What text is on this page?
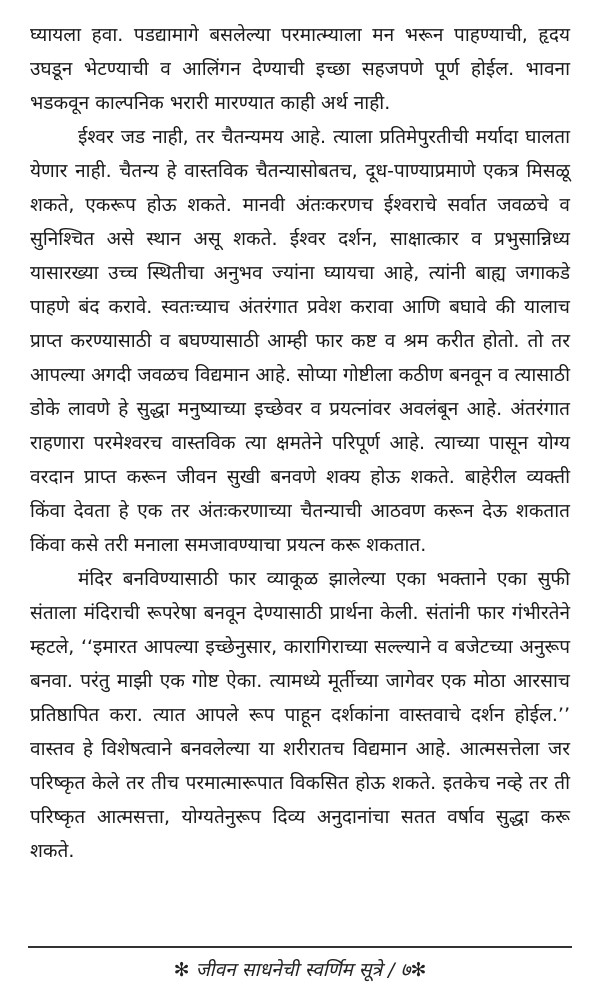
घ्यायला हवा. पडद्यामागे बसलेल्या परमात्म्याला मन भरून पाहण्याची, हृदय उघडून भेटण्याची व आलिंगन देण्याची इच्छा सहजपणे पूर्ण होईल. भावना भडकवून काल्पनिक भरारी मारण्यात काही अर्थ नाही.

ईश्वर जड नाही, तर चैतन्यमय आहे. त्याला प्रतिमेपुरतीची मर्यादा घालता येणार नाही. चैतन्य हे वास्तविक चैतन्यासोबतच, दूध-पाण्याप्रमाणे एकत्र मिसळू शकते, एकरूप होऊ शकते. मानवी अंतःकरणच ईश्वराचे सर्वात जवळचे व सुनिश्चित असे स्थान असू शकते. ईश्वर दर्शन, साक्षात्कार व प्रभुसान्निध्य यासारख्या उच्च स्थितीचा अनुभव ज्यांना घ्यायचा आहे, त्यांनी बाह्य जगाकडे पाहणे बंद करावे. स्वतःच्याच अंतरंगात प्रवेश करावा आणि बघावे की यालाच प्राप्त करण्यासाठी व बघण्यासाठी आम्ही फार कष्ट व श्रम करीत होतो. तो तर आपल्या अगदी जवळच विद्यमान आहे. सोप्या गोष्टीला कठीण बनवून व त्यासाठी डोके लावणे हे सुद्धा मनुष्याच्या इच्छेवर व प्रयत्नांवर अवलंबून आहे. अंतरंगात राहणारा परमेश्वरच वास्तविक त्या क्षमतेने परिपूर्ण आहे. त्याच्या पासून योग्य वरदान प्राप्त करून जीवन सुखी बनवणे शक्य होऊ शकते. बाहेरील व्यक्ती किंवा देवता हे एक तर अंतःकरणाच्या चैतन्याची आठवण करून देऊ शकतात किंवा कसे तरी मनाला समजावण्याचा प्रयत्न करू शकतात.

मंदिर बनविण्यासाठी फार व्याकूळ झालेल्या एका भक्ताने एका सुफी संताला मंदिराची रूपरेषा बनवून देण्यासाठी प्रार्थना केली. संतांनी फार गंभीरतेने म्हटले, ‘‘इमारत आपल्या इच्छेनुसार, कारागिराच्या सल्ल्याने व बजेटच्या अनुरूप बनवा. परंतु माझी एक गोष्ट ऐका. त्यामध्ये मूर्तीच्या जागेवर एक मोठा आरसाच प्रतिष्ठापित करा. त्यात आपले रूप पाहून दर्शकांना वास्तवाचे दर्शन होईल.’’ वास्तव हे विशेषत्वाने बनवलेल्या या शरीरातच विद्यमान आहे. आत्मसत्तेला जर परिष्कृत केले तर तीच परमात्मारूपात विकसित होऊ शकते. इतकेच नव्हे तर ती परिष्कृत आत्मसत्ता, योग्यतेनुरूप दिव्य अनुदानांचा सतत वर्षाव सुद्धा करू शकते.

✻ जीवन साधनेची स्वर्णिम सूत्रे / ७✻
